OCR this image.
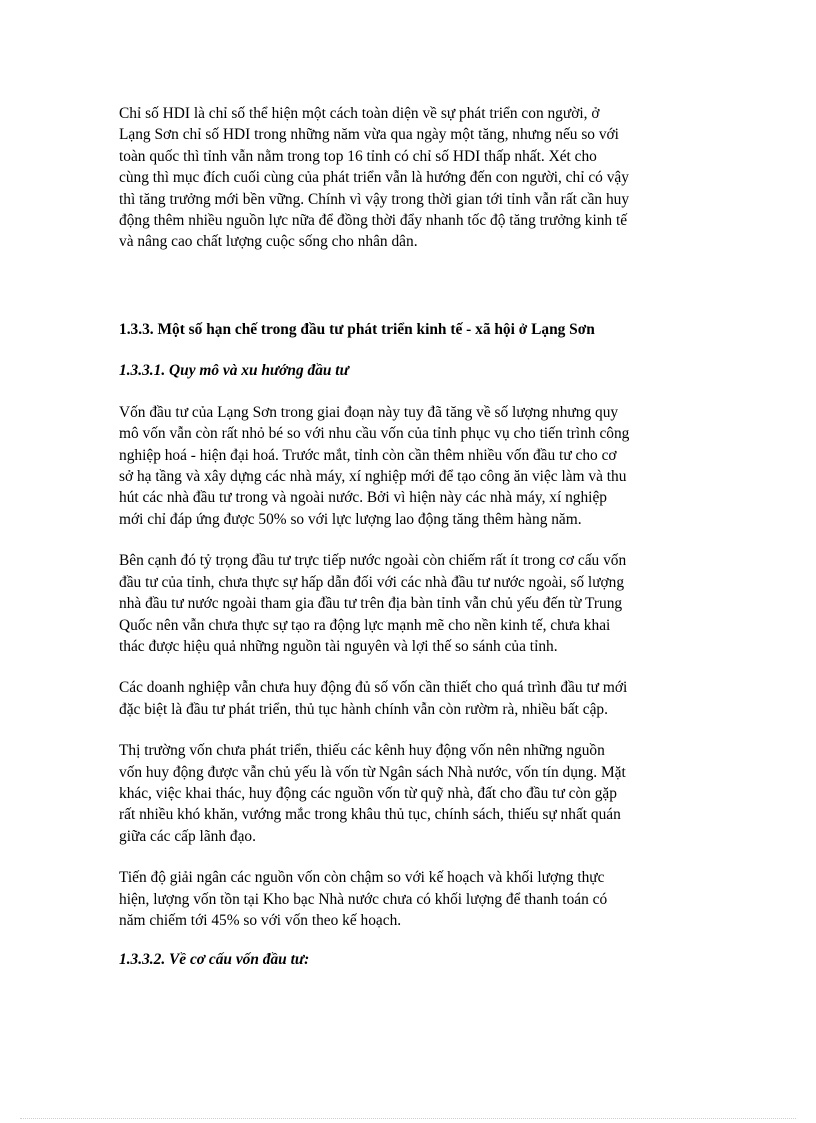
Chỉ số HDI là chỉ số thể hiện một cách toàn diện về sự phát triển con người, ở
Lạng Sơn chỉ số HDI trong những năm vừa qua ngày một tăng, nhưng nếu so với
toàn quốc thì tỉnh vẫn nằm trong top 16 tỉnh có chỉ số HDI thấp nhất. Xét cho
cùng thì mục đích cuối cùng của phát triển vẫn là hướng đến con người, chỉ có vậy
thì tăng trưởng mới bền vững. Chính vì vậy trong thời gian tới tỉnh vẫn rất cần huy
động thêm nhiều nguồn lực nữa để đồng thời đẩy nhanh tốc độ tăng trưởng kinh tế
và nâng cao chất lượng cuộc sống cho nhân dân.

1.3.3. Một số hạn chế trong đầu tư phát triển kinh tế - xã hội ở Lạng Sơn
1.3.3.1. Quy mô và xu hướng đầu tư

Vốn đầu tư của Lạng Sơn trong giai đoạn này tuy đã tăng về số lượng nhưng quy
mô vốn vẫn còn rất nhỏ bé so với nhu cầu vốn của tỉnh phục vụ cho tiến trình công
nghiệp hoá - hiện đại hoá. Trước mắt, tỉnh còn cần thêm nhiều vốn đầu tư cho cơ
sở hạ tầng và xây dựng các nhà máy, xí nghiệp mới để tạo công ăn việc làm và thu
hút các nhà đầu tư trong và ngoài nước. Bởi vì hiện này các nhà máy, xí nghiệp
mới chỉ đáp ứng được 50% so với lực lượng lao động tăng thêm hàng năm.

Bên cạnh đó tỷ trọng đầu tư trực tiếp nước ngoài còn chiếm rất ít trong cơ cấu vốn
đầu tư của tỉnh, chưa thực sự hấp dẫn đối với các nhà đầu tư nước ngoài, số lượng
nhà đầu tư nước ngoài tham gia đầu tư trên địa bàn tỉnh vẫn chủ yếu đến từ Trung
Quốc nên vẫn chưa thực sự tạo ra động lực mạnh mẽ cho nền kinh tế, chưa khai
thác được hiệu quả những nguồn tài nguyên và lợi thế so sánh của tỉnh.

Các doanh nghiệp vẫn chưa huy động đủ số vốn cần thiết cho quá trình đầu tư mới
đặc biệt là đầu tư phát triển, thủ tục hành chính vẫn còn rườm rà, nhiều bất cập.

Thị trường vốn chưa phát triển, thiếu các kênh huy động vốn nên những nguồn
vốn huy động được vẫn chủ yếu là vốn từ Ngân sách Nhà nước, vốn tín dụng. Mặt
khác, việc khai thác, huy động các nguồn vốn từ quỹ nhà, đất cho đầu tư còn gặp
rất nhiều khó khăn, vướng mắc trong khâu thủ tục, chính sách, thiếu sự nhất quán
giữa các cấp lãnh đạo.

Tiến độ giải ngân các nguồn vốn còn chậm so với kế hoạch và khối lượng thực
hiện, lượng vốn tồn tại Kho bạc Nhà nước chưa có khối lượng để thanh toán có
năm chiếm tới 45% so với vốn theo kế hoạch.

1.3.3.2. Về cơ cấu vốn đầu tư:
